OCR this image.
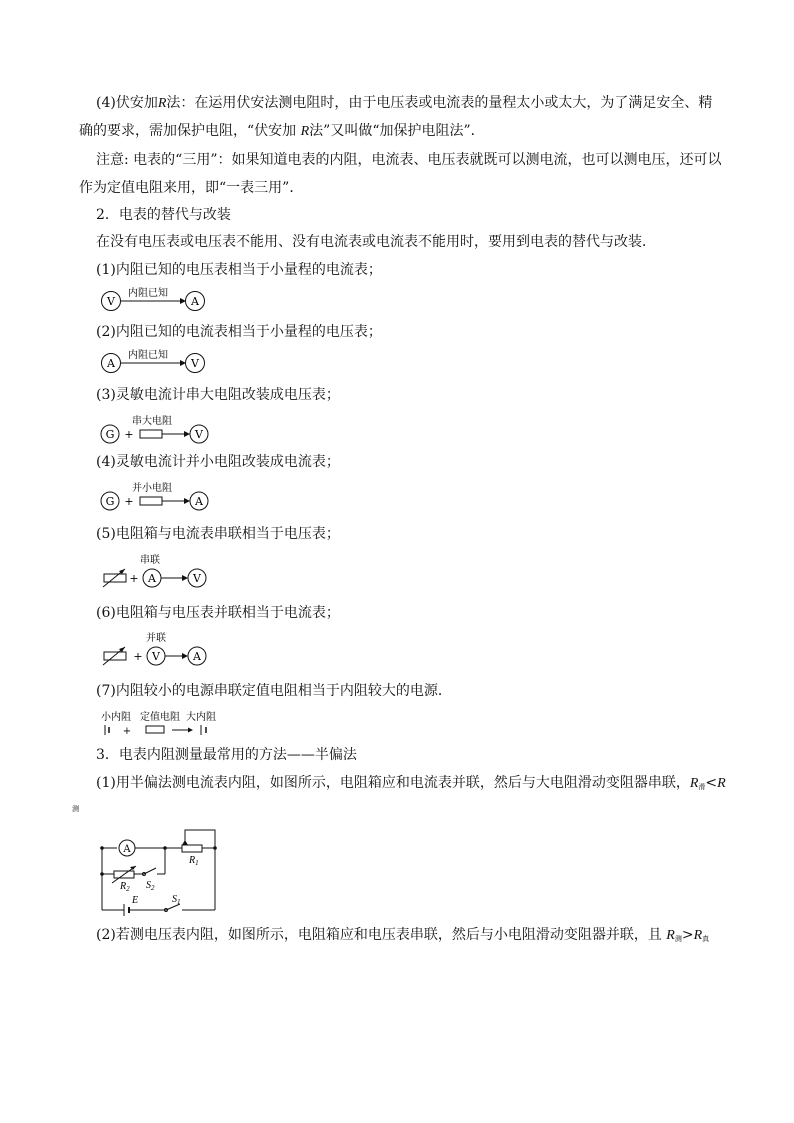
(4)伏安加R法：在运用伏安法测电阻时，由于电压表或电流表的量程太小或太大，为了满足安全、精
确的要求，需加保护电阻，“伏安加 R法”又叫做“加保护电阻法”．
注意: 电表的“三用”：如果知道电表的内阻，电流表、电压表就既可以测电流，也可以测电压，还可以
作为定值电阻来用，即“一表三用”．
2．电表的替代与改装
在没有电压表或电压表不能用、没有电流表或电流表不能用时，要用到电表的替代与改装．
(1)内阻已知的电压表相当于小量程的电流表；
V
内阻已知
A
(2)内阻已知的电流表相当于小量程的电压表；
A
内阻已知
V
(3)灵敏电流计串大电阻改装成电压表；
G +
串大电阻
V
(4)灵敏电流计并小电阻改装成电流表；
G +
并小电阻
A
(5)电阻箱与电流表串联相当于电压表；
+ A
串联
V
(6)电阻箱与电压表并联相当于电流表；
+ V
并联
A
(7)内阻较小的电源串联定值电阻相当于内阻较大的电源．
小内阻 定值电阻 大内阻
+
3．电表内阻测量最常用的方法——半偏法
(1)用半偏法测电流表内阻，如图所示，电阻箱应和电流表并联，然后与大电阻滑动变阻器串联，$R_滑<R$
测
A
$R_1$
$R_2$ $S_2$
E	$S_1$
(2)若测电压表内阻，如图所示，电阻箱应和电压表串联，然后与小电阻滑动变阻器并联，且 $R_测>R_真$
